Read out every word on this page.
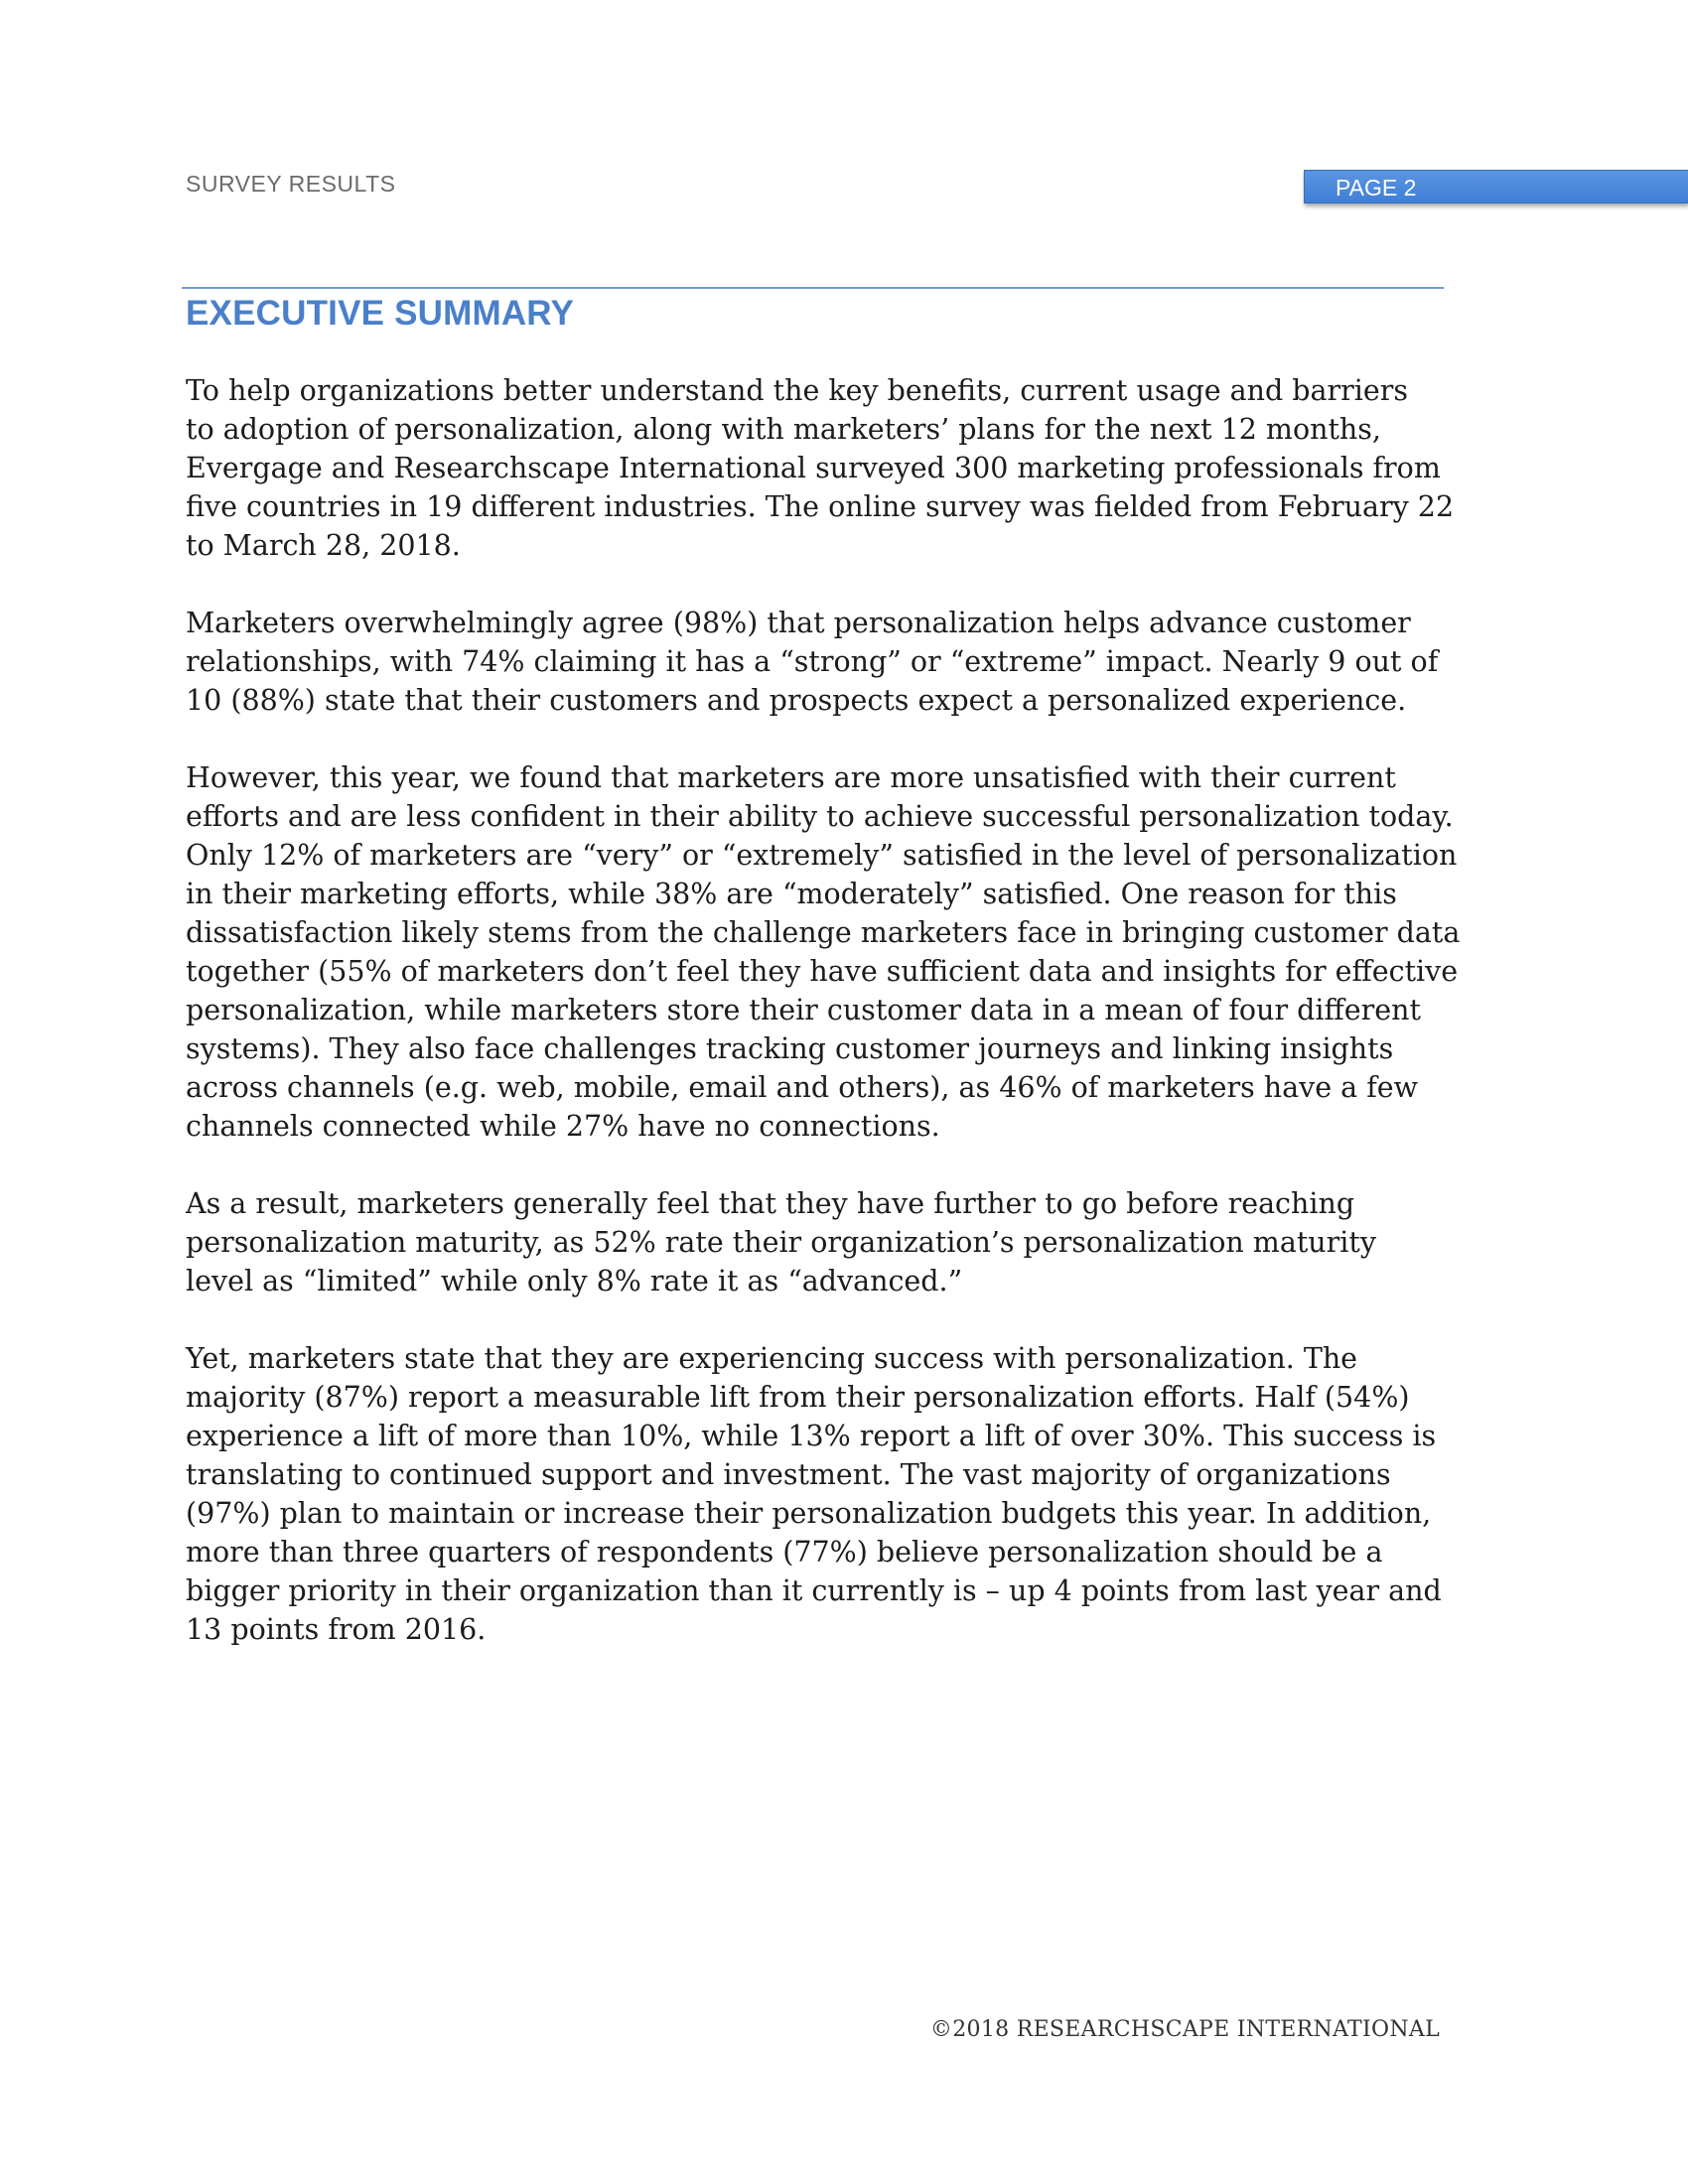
SURVEY RESULTS	PAGE 2
EXECUTIVE SUMMARY

To help organizations better understand the key benefits, current usage and barriers
to adoption of personalization, along with marketers’ plans for the next 12 months,
Evergage and Researchscape International surveyed 300 marketing professionals from
five countries in 19 different industries. The online survey was fielded from February 22
to March 28, 2018.

Marketers overwhelmingly agree (98%) that personalization helps advance customer
relationships, with 74% claiming it has a “strong” or “extreme” impact. Nearly 9 out of
10 (88%) state that their customers and prospects expect a personalized experience.

However, this year, we found that marketers are more unsatisfied with their current
efforts and are less confident in their ability to achieve successful personalization today.
Only 12% of marketers are “very” or “extremely” satisfied in the level of personalization
in their marketing efforts, while 38% are “moderately” satisfied. One reason for this
dissatisfaction likely stems from the challenge marketers face in bringing customer data
together (55% of marketers don’t feel they have sufficient data and insights for effective
personalization, while marketers store their customer data in a mean of four different
systems). They also face challenges tracking customer journeys and linking insights
across channels (e.g. web, mobile, email and others), as 46% of marketers have a few
channels connected while 27% have no connections.

As a result, marketers generally feel that they have further to go before reaching
personalization maturity, as 52% rate their organization’s personalization maturity
level as “limited” while only 8% rate it as “advanced.”

Yet, marketers state that they are experiencing success with personalization. The
majority (87%) report a measurable lift from their personalization efforts. Half (54%)
experience a lift of more than 10%, while 13% report a lift of over 30%. This success is
translating to continued support and investment. The vast majority of organizations
(97%) plan to maintain or increase their personalization budgets this year. In addition,
more than three quarters of respondents (77%) believe personalization should be a
bigger priority in their organization than it currently is – up 4 points from last year and
13 points from 2016.

©2018 RESEARCHSCAPE INTERNATIONAL
